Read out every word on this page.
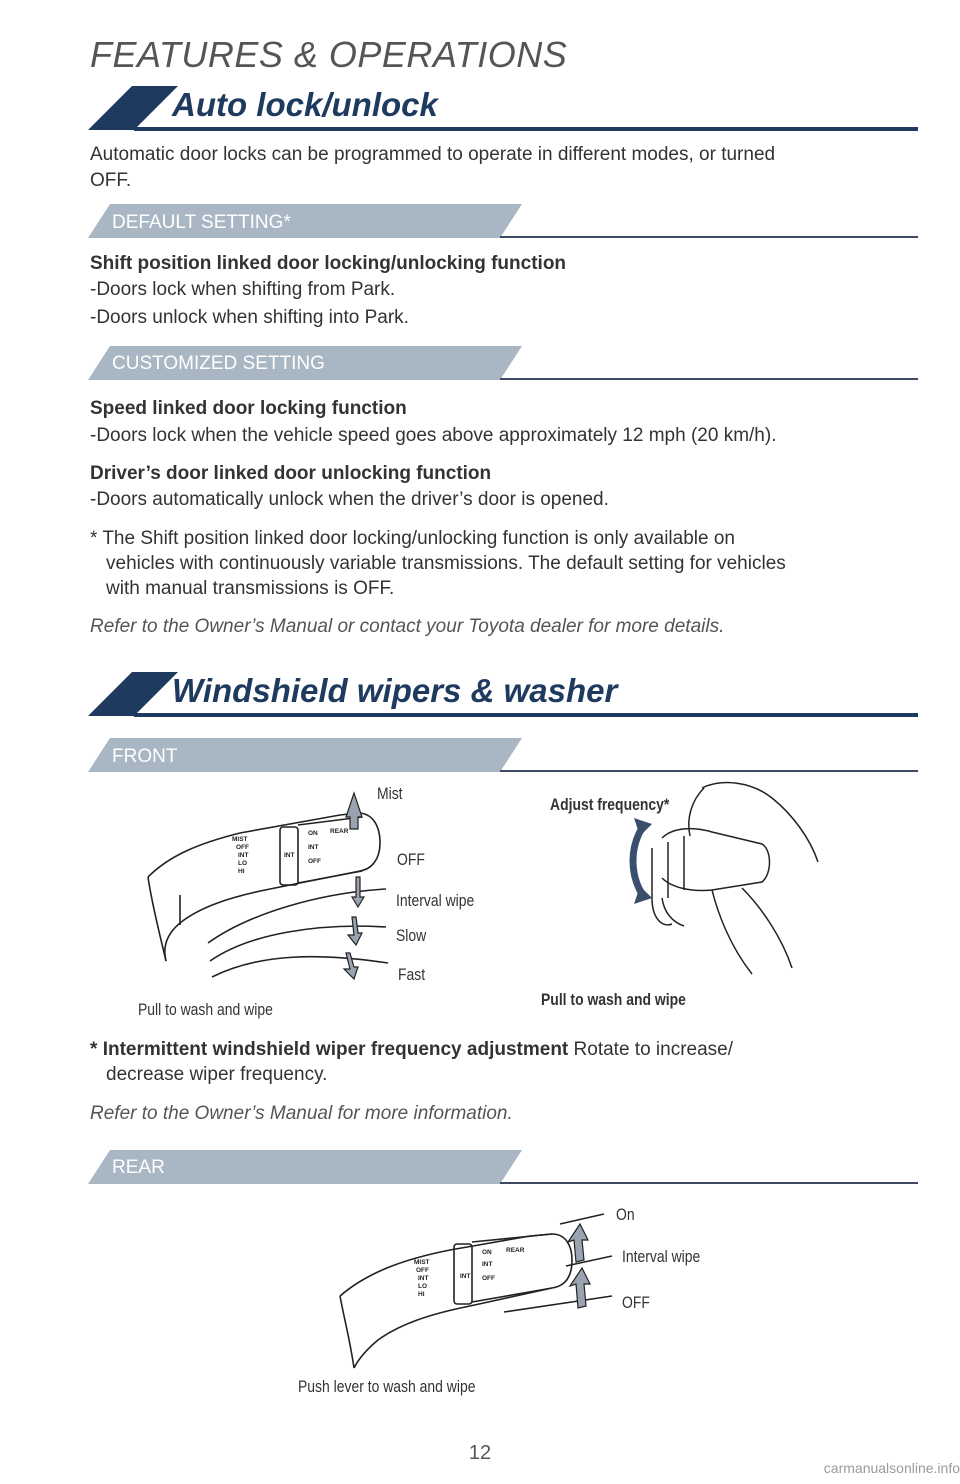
FEATURES & OPERATIONS
Auto lock/unlock
Automatic door locks can be programmed to operate in different modes, or turned
OFF.
DEFAULT SETTING*
Shift position linked door locking/unlocking function
-Doors lock when shifting from Park.
-Doors unlock when shifting into Park.
CUSTOMIZED SETTING
Speed linked door locking function
-Doors lock when the vehicle speed goes above approximately 12 mph (20 km/h).
Driver’s door linked door unlocking function
-Doors automatically unlock when the driver’s door is opened.
* The Shift position linked door locking/unlocking function is only available on
vehicles with continuously variable transmissions. The default setting for vehicles
with manual transmissions is OFF.
Refer to the Owner’s Manual or contact your Toyota dealer for more details.
Windshield wipers & washer
FRONT
MIST
OFF
INT
LO
HI
INT
ON
INT
OFF
REAR
Mist
OFF
Interval wipe
Slow
Fast
Pull to wash and wipe
Adjust frequency*
Pull to wash and wipe
* Intermittent windshield wiper frequency adjustment Rotate to increase/
decrease wiper frequency.
Refer to the Owner’s Manual for more information.
REAR
MIST
OFF
INT
LO
HI
INT
ON
INT
OFF
REAR
On
Interval wipe
OFF
Push lever to wash and wipe
12
carmanualsonline.info
